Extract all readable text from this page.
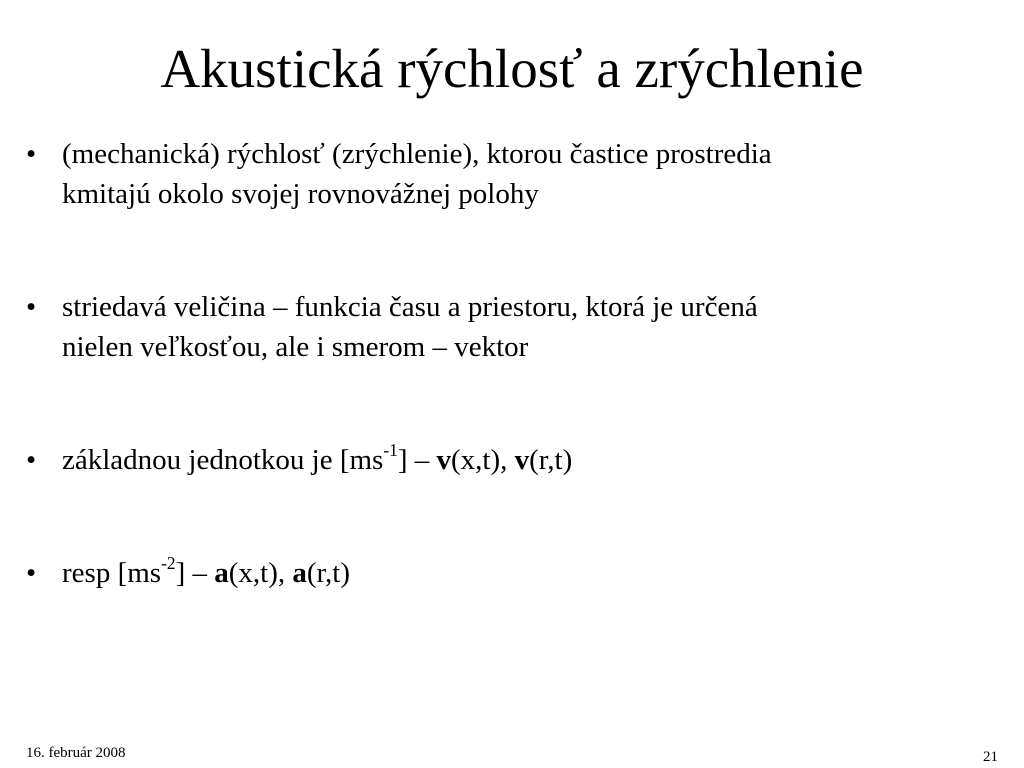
Akustická rýchlosť a zrýchlenie
• (mechanická) rýchlosť (zrýchlenie), ktorou častice prostredia
kmitajú okolo svojej rovnovážnej polohy
• striedavá veličina – funkcia času a priestoru, ktorá je určená
nielen veľkosťou, ale i smerom – vektor
• základnou jednotkou je $[ms^{-1}] - v(x,t)$, v(r,t)
• resp $[ms^{-2}] - a(x,t)$, a(r,t)
16. február 2008	21
